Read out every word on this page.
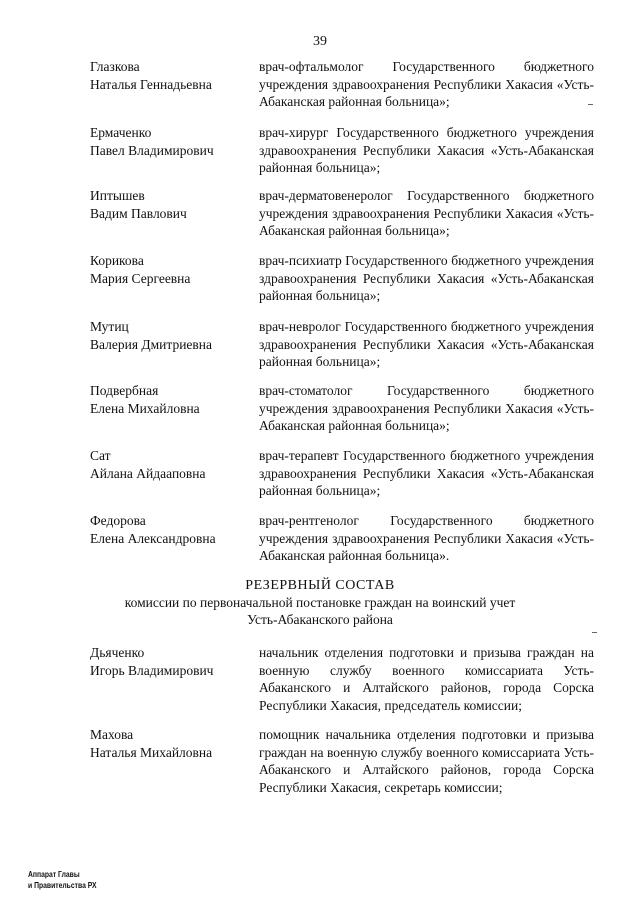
39
Глазкова
Наталья Геннадьевна
врач-офтальмолог Государственного бюджетного учреждения здравоохранения Республики Хакасия «Усть-Абаканская районная больница»;
Ермаченко
Павел Владимирович
врач-хирург Государственного бюджетного учреждения здравоохранения Республики Хакасия «Усть-Абаканская районная больница»;
Иптышев
Вадим Павлович
врач-дерматовенеролог Государственного бюджетного учреждения здравоохранения Республики Хакасия «Усть-Абаканская районная больница»;
Корикова
Мария Сергеевна
врач-психиатр Государственного бюджетного учреждения здравоохранения Республики Хакасия «Усть-Абаканская районная больница»;
Мутиц
Валерия Дмитриевна
врач-невролог Государственного бюджетного учреждения здравоохранения Республики Хакасия «Усть-Абаканская районная больница»;
Подвербная
Елена Михайловна
врач-стоматолог Государственного бюджетного учреждения здравоохранения Республики Хакасия «Усть-Абаканская районная больница»;
Сат
Айлана Айдааповна
врач-терапевт Государственного бюджетного учреждения здравоохранения Республики Хакасия «Усть-Абаканская районная больница»;
Федорова
Елена Александровна
врач-рентгенолог Государственного бюджетного учреждения здравоохранения Республики Хакасия «Усть-Абаканская районная больница».
РЕЗЕРВНЫЙ СОСТАВ
комиссии по первоначальной постановке граждан на воинский учет
Усть-Абаканского района
Дьяченко
Игорь Владимирович
начальник отделения подготовки и призыва граждан на военную службу военного комиссариата Усть-Абаканского и Алтайского районов, города Сорска Республики Хакасия, председатель комиссии;
Махова
Наталья Михайловна
помощник начальника отделения подготовки и призыва граждан на военную службу военного комиссариата Усть-Абаканского и Алтайского районов, города Сорска Республики Хакасия, секретарь комиссии;
Аппарат Главы
и Правительства РХ
